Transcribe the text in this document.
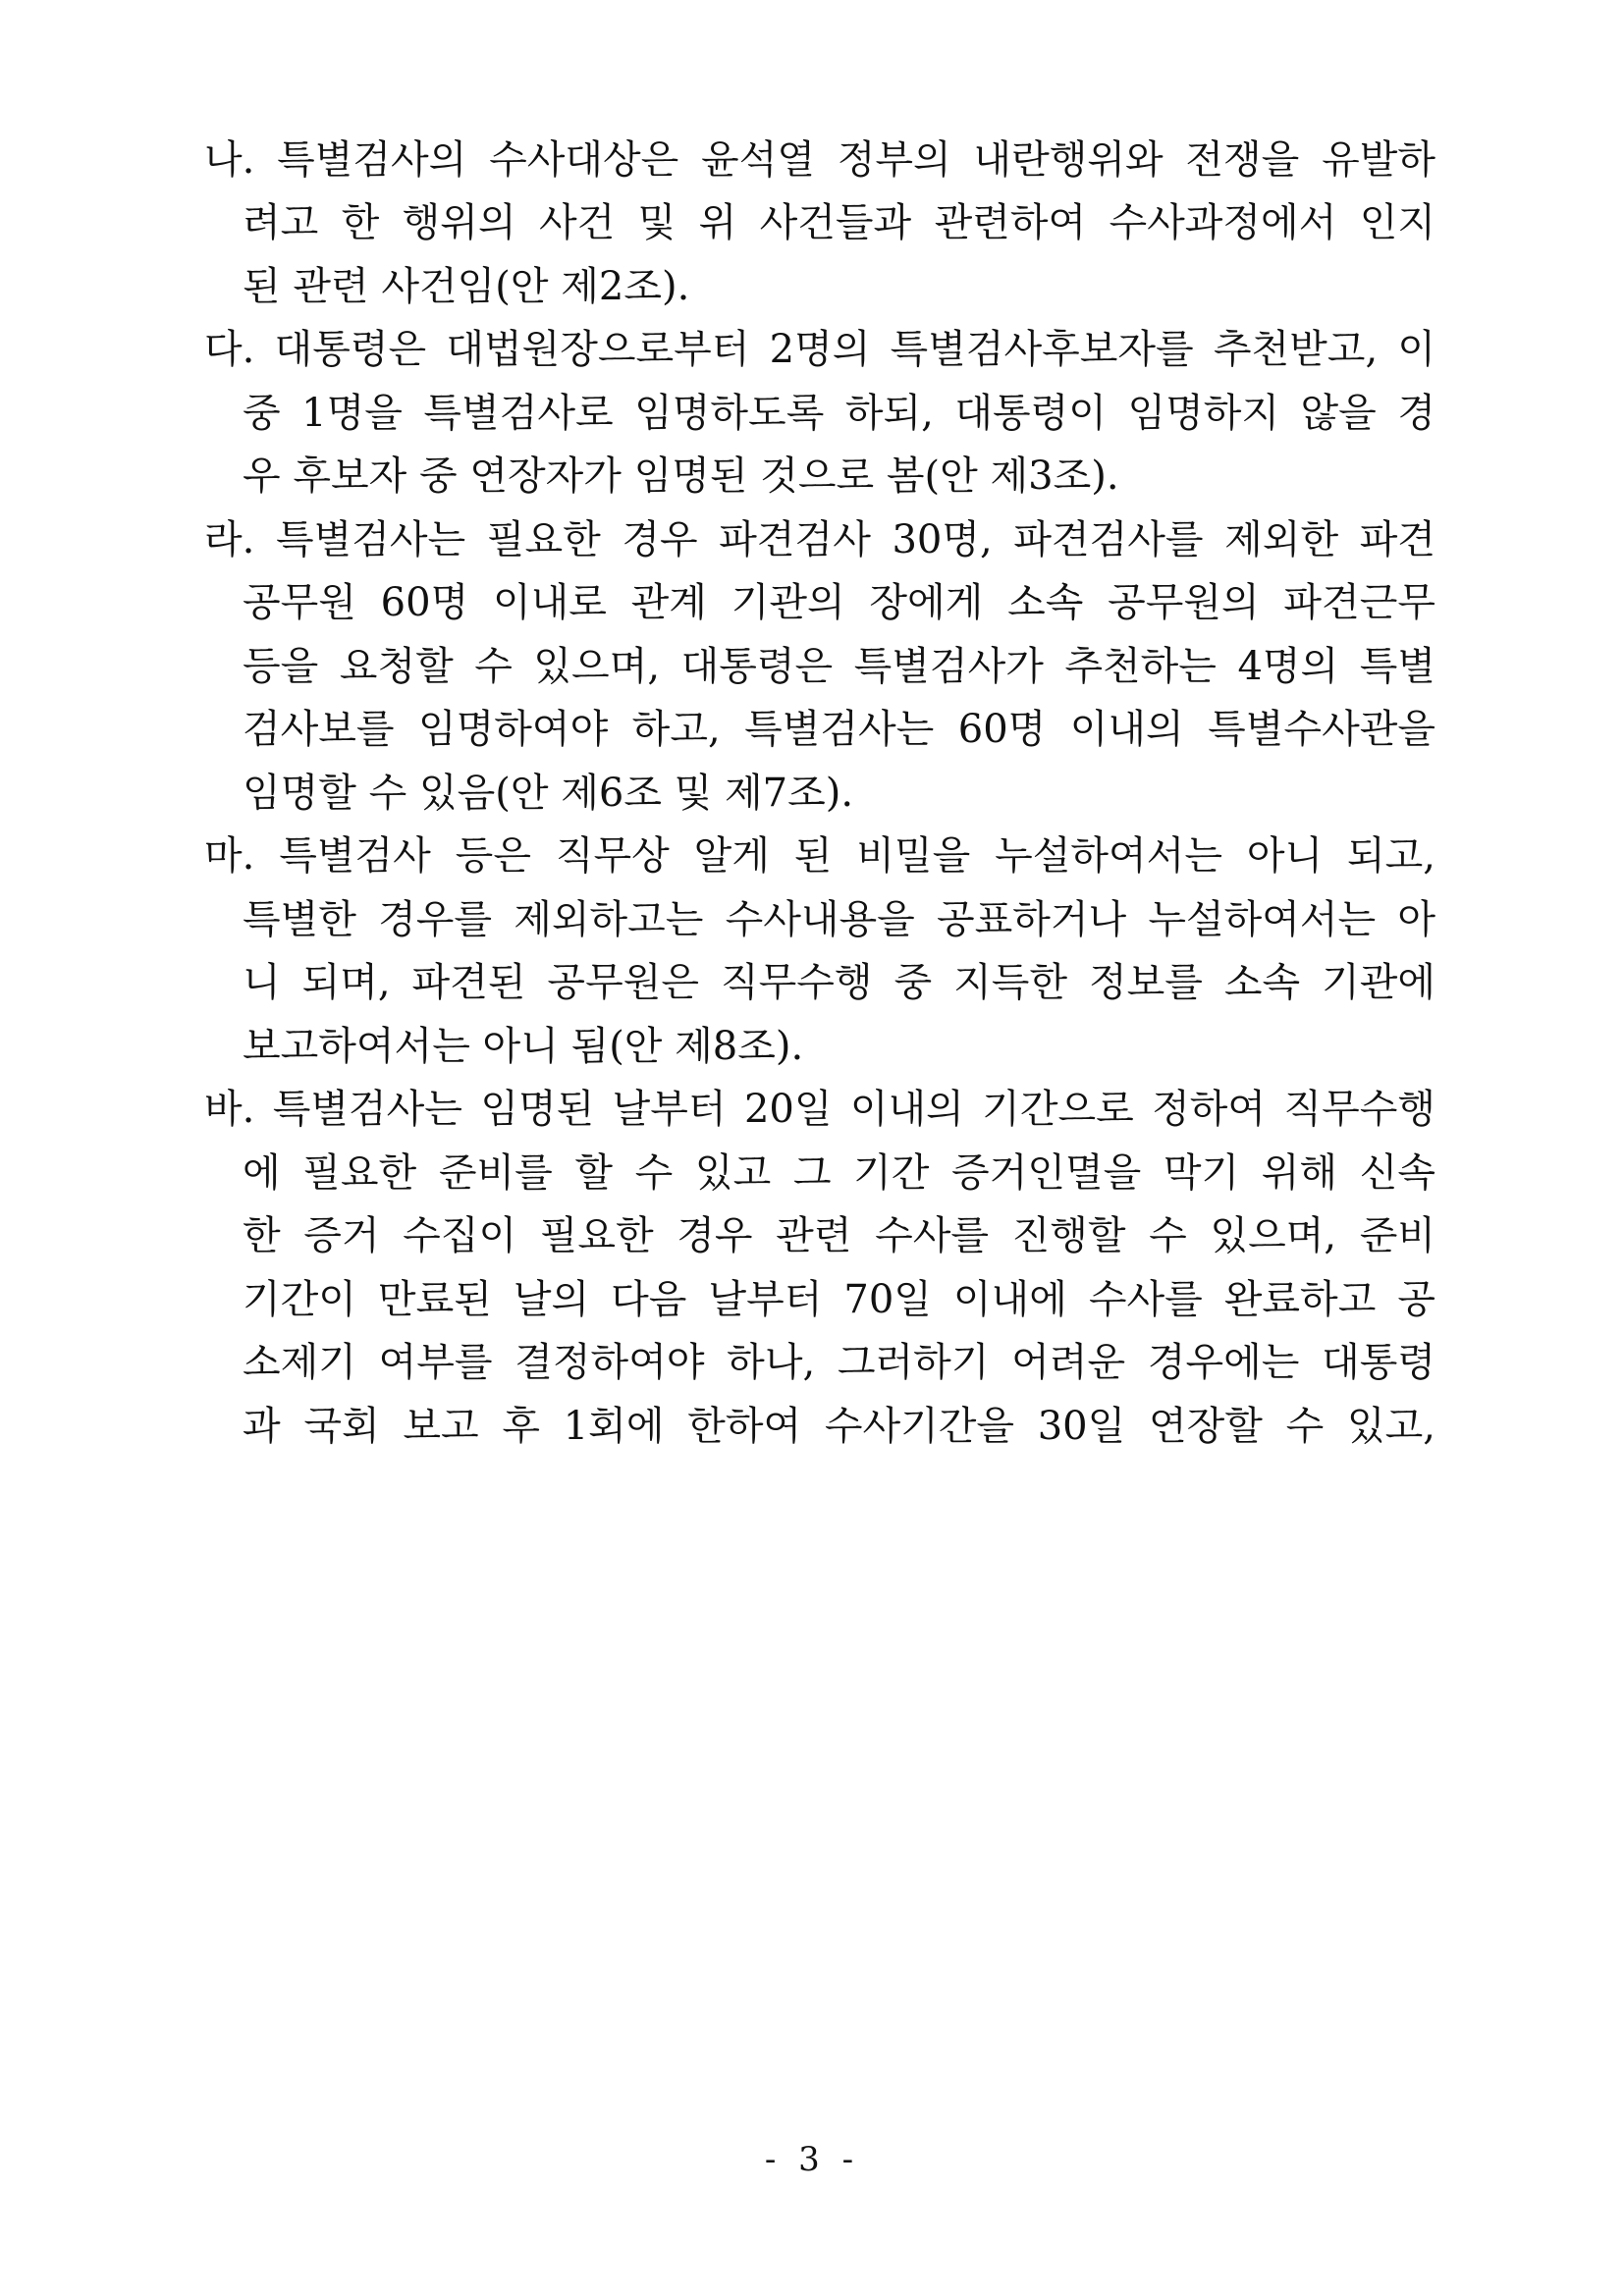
나. 특별검사의 수사대상은 윤석열 정부의 내란행위와 전쟁을 유발하
려고 한 행위의 사건 및 위 사건들과 관련하여 수사과정에서 인지
된 관련 사건임(안 제2조).
다. 대통령은 대법원장으로부터 2명의 특별검사후보자를 추천받고, 이
중 1명을 특별검사로 임명하도록 하되, 대통령이 임명하지 않을 경
우 후보자 중 연장자가 임명된 것으로 봄(안 제3조).
라. 특별검사는 필요한 경우 파견검사 30명, 파견검사를 제외한 파견
공무원 60명 이내로 관계 기관의 장에게 소속 공무원의 파견근무
등을 요청할 수 있으며, 대통령은 특별검사가 추천하는 4명의 특별
검사보를 임명하여야 하고, 특별검사는 60명 이내의 특별수사관을
임명할 수 있음(안 제6조 및 제7조).
마. 특별검사 등은 직무상 알게 된 비밀을 누설하여서는 아니 되고,
특별한 경우를 제외하고는 수사내용을 공표하거나 누설하여서는 아
니 되며, 파견된 공무원은 직무수행 중 지득한 정보를 소속 기관에
보고하여서는 아니 됨(안 제8조).
바. 특별검사는 임명된 날부터 20일 이내의 기간으로 정하여 직무수행
에 필요한 준비를 할 수 있고 그 기간 증거인멸을 막기 위해 신속
한 증거 수집이 필요한 경우 관련 수사를 진행할 수 있으며, 준비
기간이 만료된 날의 다음 날부터 70일 이내에 수사를 완료하고 공
소제기 여부를 결정하여야 하나, 그러하기 어려운 경우에는 대통령
과 국회 보고 후 1회에 한하여 수사기간을 30일 연장할 수 있고,
- 3 -
